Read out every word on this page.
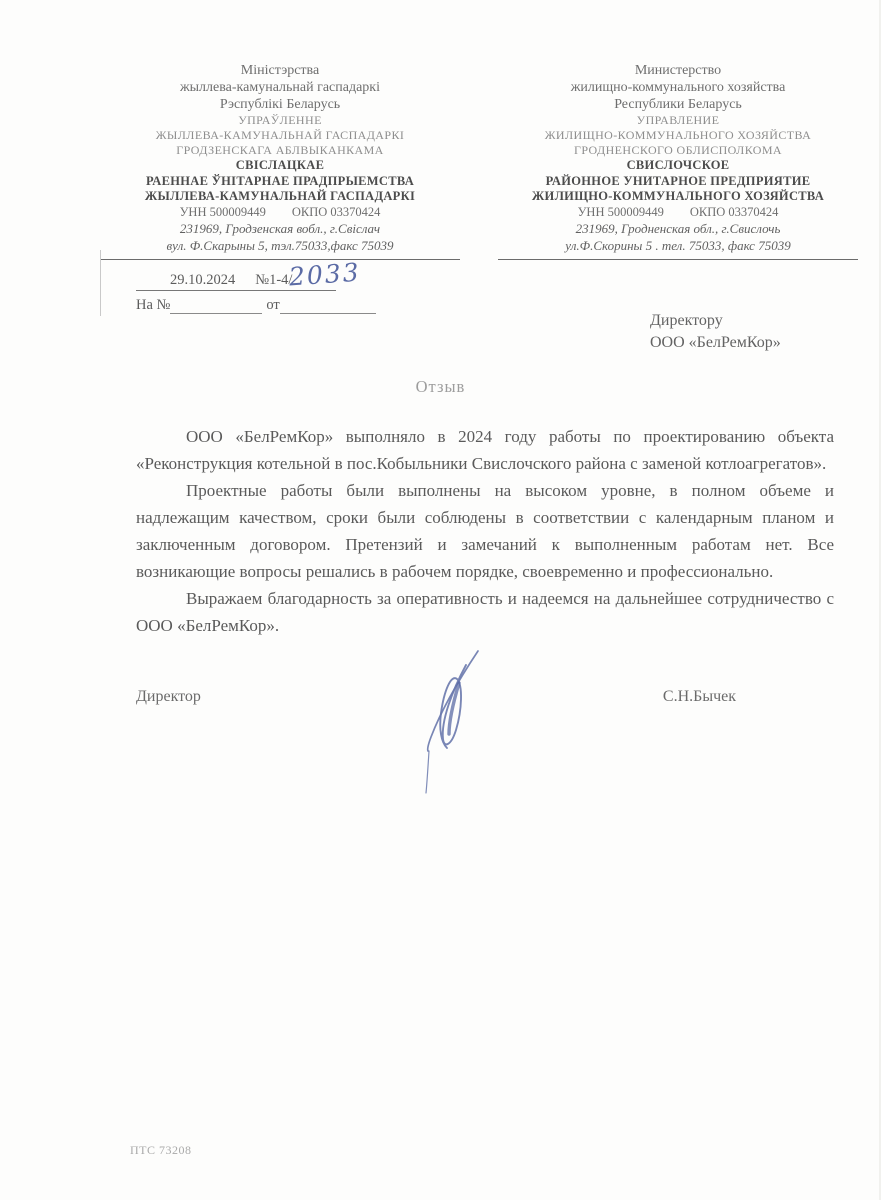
Міністэрства
жыллева-камунальнай гаспадаркі
Рэспублікі Беларусь
УПРАЎЛЕННЕ
ЖЫЛЛЕВА-КАМУНАЛЬНАЙ ГАСПАДАРКІ
ГРОДЗЕНСКАГА АБЛВЫКАНКАМА
СВІСЛАЦКАЕ
РАЕННАЕ ЎНІТАРНАЕ ПРАДПРЫЕМСТВА
ЖЫЛЛЕВА-КАМУНАЛЬНАЙ ГАСПАДАРКІ
Министерство
жилищно-коммунального хозяйства
Республики Беларусь
УПРАВЛЕНИЕ
ЖИЛИЩНО-КОММУНАЛЬНОГО ХОЗЯЙСТВА
ГРОДНЕНСКОГО ОБЛИСПОЛКОМА
СВИСЛОЧСКОЕ
РАЙОННОЕ УНИТАРНОЕ ПРЕДПРИЯТИЕ
ЖИЛИЩНО-КОММУНАЛЬНОГО ХОЗЯЙСТВА
УНН 500009449 ОКПО 03370424
231969, Гродзенская вобл., г.Свіслач
вул. Ф.Скарыны 5, тэл.75033,факс 75039
УНН 500009449 ОКПО 03370424
231969, Гродненская обл., г.Свислочь
ул.Ф.Скорины 5 . тел. 75033, факс 75039
29.10.2024	№1-4/
2033
На №	от
Директору
ООО «БелРемКор»
Отзыв

ООО «БелРемКор» выполняло в 2024 году работы по проектированию объекта «Реконструкция котельной в пос.Кобыльники Свислочского района с заменой котлоагрегатов».

Проектные работы были выполнены на высоком уровне, в полном объеме и надлежащим качеством, сроки были соблюдены в соответствии с календарным планом и заключенным договором. Претензий и замечаний к выполненным работам нет. Все возникающие вопросы решались в рабочем порядке, своевременно и профессионально.

Выражаем благодарность за оперативность и надеемся на дальнейшее сотрудничество с ООО «БелРемКор».

Директор	С.Н.Бычек
ПТС 73208
